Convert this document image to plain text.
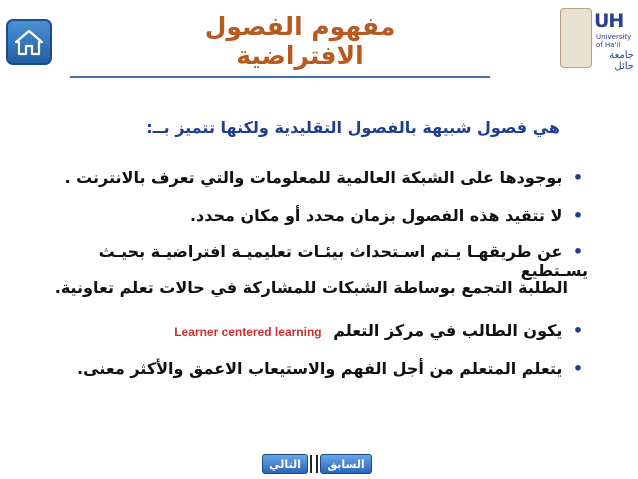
مفهوم الفصول الافتراضية
UH
University of Ha'il
جامعة حائل
هي فصول شبيهة بالفصول التقليدية ولكنها تتميز بــ:
• بوجودها على الشبكة العالمية للمعلومات والتي تعرف بالانترنت .
• لا تتقيد هذه الفصول بزمان محدد أو مكان محدد.
• عن طريقهـا يـتم اسـتحداث بيئـات تعليميـة افتراضيـة بحيـث يسـتطيع
الطلبة التجمع بوساطة الشبكات للمشاركة في حالات تعلم تعاونية.
• يكون الطالب في مركز التعلم Learner centered learning
• يتعلم المتعلم من أجل الفهم والاستيعاب الاعمق والأكثر معنى.
السابق
التالي
